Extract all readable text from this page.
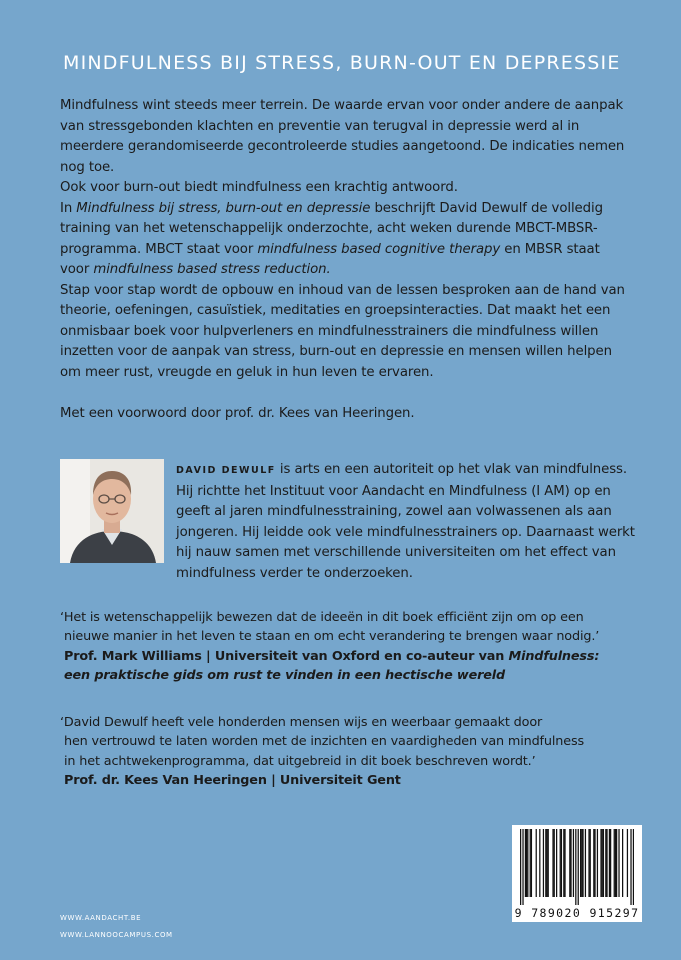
MINDFULNESS BIJ STRESS, BURN-OUT EN DEPRESSIE

Mindfulness wint steeds meer terrein. De waarde ervan voor onder andere de aanpak van stressgebonden klachten en preventie van terugval in depressie werd al in meerdere gerandomiseerde gecontroleerde studies aangetoond. De indicaties nemen nog toe.

Ook voor burn-out biedt mindfulness een krachtig antwoord.

In Mindfulness bij stress, burn-out en depressie beschrijft David Dewulf de volledig training van het wetenschappelijk onderzochte, acht weken durende MBCT-MBSR-programma. MBCT staat voor mindfulness based cognitive therapy en MBSR staat voor mindfulness based stress reduction.

Stap voor stap wordt de opbouw en inhoud van de lessen besproken aan de hand van theorie, oefeningen, casuïstiek, meditaties en groepsinteracties. Dat maakt het een onmisbaar boek voor hulpverleners en mindfulnesstrainers die mindfulness willen inzetten voor de aanpak van stress, burn-out en depressie en mensen willen helpen om meer rust, vreugde en geluk in hun leven te ervaren.

Met een voorwoord door prof. dr. Kees van Heeringen.

DAVID DEWULF is arts en een autoriteit op het vlak van mindfulness. Hij richtte het Instituut voor Aandacht en Mindfulness (I AM) op en geeft al jaren mindfulnesstraining, zowel aan volwassenen als aan jongeren. Hij leidde ook vele mindfulnesstrainers op. Daarnaast werkt hij nauw samen met verschillende universiteiten om het effect van mindfulness verder te onderzoeken.
‘Het is wetenschappelijk bewezen dat de ideeën in dit boek efficiënt zijn om op een
nieuwe manier in het leven te staan en om echt verandering te brengen waar nodig.’
Prof. Mark Williams | Universiteit van Oxford en co-auteur van Mindfulness:
een praktische gids om rust te vinden in een hectische wereld
‘David Dewulf heeft vele honderden mensen wijs en weerbaar gemaakt door
hen vertrouwd te laten worden met de inzichten en vaardigheden van mindfulness
in het achtwekenprogramma, dat uitgebreid in dit boek beschreven wordt.’
Prof. dr. Kees Van Heeringen | Universiteit Gent
9 789020 915297
WWW.AANDACHT.BE
WWW.LANNOOCAMPUS.COM
